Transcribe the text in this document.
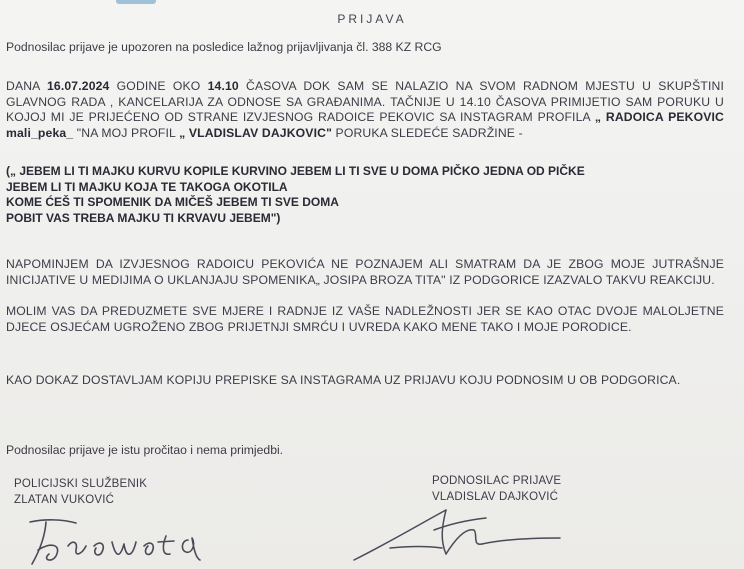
PRIJAVA
Podnosilac prijave je upozoren na posledice lažnog prijavljivanja čl. 388 KZ RCG
DANA 16.07.2024 GODINE OKO 14.10 ČASOVA DOK SAM SE NALAZIO NA SVOM RADNOM MJESTU U SKUPŠTINI GLAVNOG RADA , KANCELARIJA ZA ODNOSE SA GRAĐANIMA. TAČNIJE U 14.10 ČASOVA PRIMIJETIO SAM PORUKU U KOJOJ MI JE PRIJEĆENO OD STRANE IZVJESNOG RADOICE PEKOVIC SA INSTAGRAM PROFILA „ RADOICA PEKOVIC mali_peka_ "NA MOJ PROFIL „ VLADISLAV DAJKOVIC" PORUKA SLEDEĆE SADRŽINE -
(„ JEBEM LI TI MAJKU KURVU KOPILE KURVINO JEBEM LI TI SVE U DOMA PIČKO JEDNA OD PIČKE
JEBEM LI TI MAJKU KOJA TE TAKOGA OKOTILA
KOME ĆEŠ TI SPOMENIK DA MIČEŠ JEBEM TI SVE DOMA
POBIT VAS TREBA MAJKU TI KRVAVU JEBEM")
NAPOMINJEM DA IZVJESNOG RADOICU PEKOVIĆA NE POZNAJEM ALI SMATRAM DA JE ZBOG MOJE JUTRAŠNJE INICIJATIVE U MEDIJIMA O UKLANJAJU SPOMENIKA„ JOSIPA BROZA TITA" IZ PODGORICE IZAZVALO TAKVU REAKCIJU.
MOLIM VAS DA PREDUZMETE SVE MJERE I RADNJE IZ VAŠE NADLEŽNOSTI JER SE KAO OTAC DVOJE MALOLJETNE DJECE OSJEĆAM UGROŽENO ZBOG PRIJETNJI SMRĆU I UVREDA KAKO MENE TAKO I MOJE PORODICE.
KAO DOKAZ DOSTAVLJAM KOPIJU PREPISKE SA INSTAGRAMA UZ PRIJAVU KOJU PODNOSIM U OB PODGORICA.
Podnosilac prijave je istu pročitao i nema primjedbi.
POLICIJSKI SLUŽBENIK
ZLATAN VUKOVIĆ
PODNOSILAC PRIJAVE
VLADISLAV DAJKOVIĆ
